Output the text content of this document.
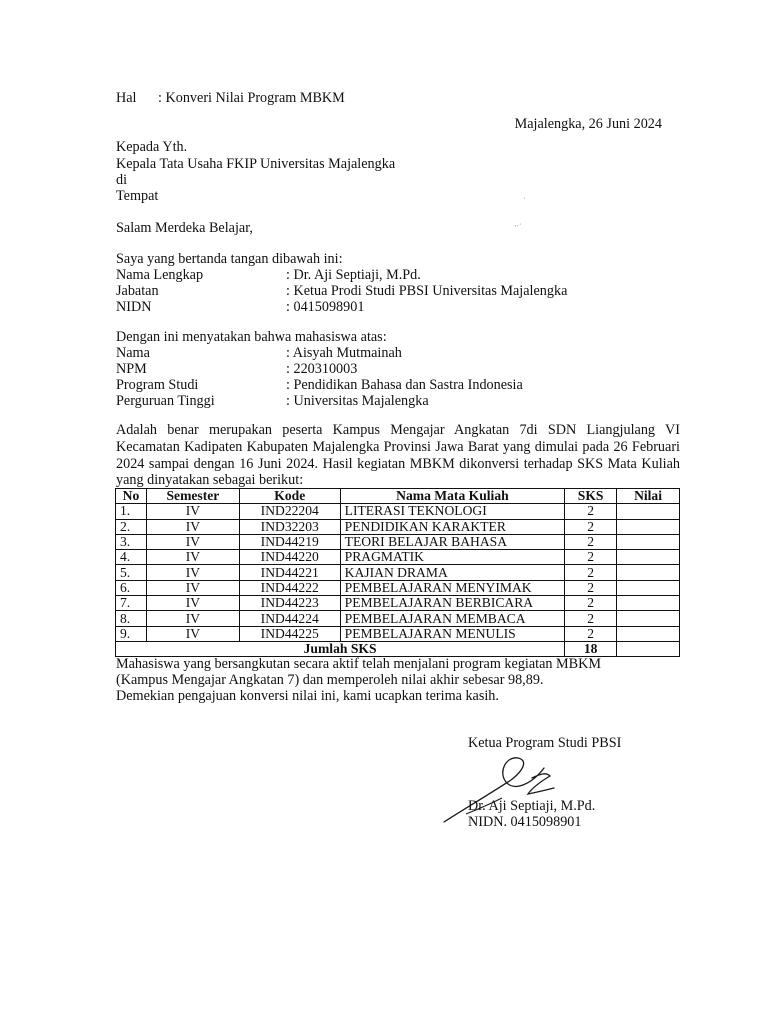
Hal : Konveri Nilai Program MBKM
Majalengka, 26 Juni 2024
Kepada Yth.
Kepala Tata Usaha FKIP Universitas Majalengka
di
Tempat	˙
·ˑ˙
Salam Merdeka Belajar,
Saya yang bertanda tangan dibawah ini:
Nama Lengkap	: Dr. Aji Septiaji, M.Pd.
Jabatan	: Ketua Prodi Studi PBSI Universitas Majalengka
NIDN	: 0415098901
Dengan ini menyatakan bahwa mahasiswa atas:
Nama	: Aisyah Mutmainah
NPM	: 220310003
Program Studi	: Pendidikan Bahasa dan Sastra Indonesia
Perguruan Tinggi	: Universitas Majalengka
Adalah benar merupakan peserta Kampus Mengajar Angkatan 7di SDN Liangjulang VI Kecamatan Kadipaten Kabupaten Majalengka Provinsi Jawa Barat yang dimulai pada 26 Februari 2024 sampai dengan 16 Juni 2024. Hasil kegiatan MBKM dikonversi terhadap SKS Mata Kuliah yang dinyatakan sebagai berikut:
No	Semester	Kode	Nama Mata Kuliah	SKS	Nilai
1.	IV	IND22204	LITERASI TEKNOLOGI	2	
2.	IV	IND32203	PENDIDIKAN KARAKTER	2	
3.	IV	IND44219	TEORI BELAJAR BAHASA	2	
4.	IV	IND44220	PRAGMATIK	2	
5.	IV	IND44221	KAJIAN DRAMA	2	
6.	IV	IND44222	PEMBELAJARAN MENYIMAK	2	
7.	IV	IND44223	PEMBELAJARAN BERBICARA	2	
8.	IV	IND44224	PEMBELAJARAN MEMBACA	2	
9.	IV	IND44225	PEMBELAJARAN MENULIS	2	
Jumlah SKS				18	
Mahasiswa yang bersangkutan secara aktif telah menjalani program kegiatan MBKM
(Kampus Mengajar Angkatan 7) dan memperoleh nilai akhir sebesar 98,89.
Demekian pengajuan konversi nilai ini, kami ucapkan terima kasih.
Ketua Program Studi PBSI
Dr. Aji Septiaji, M.Pd.
NIDN. 0415098901
